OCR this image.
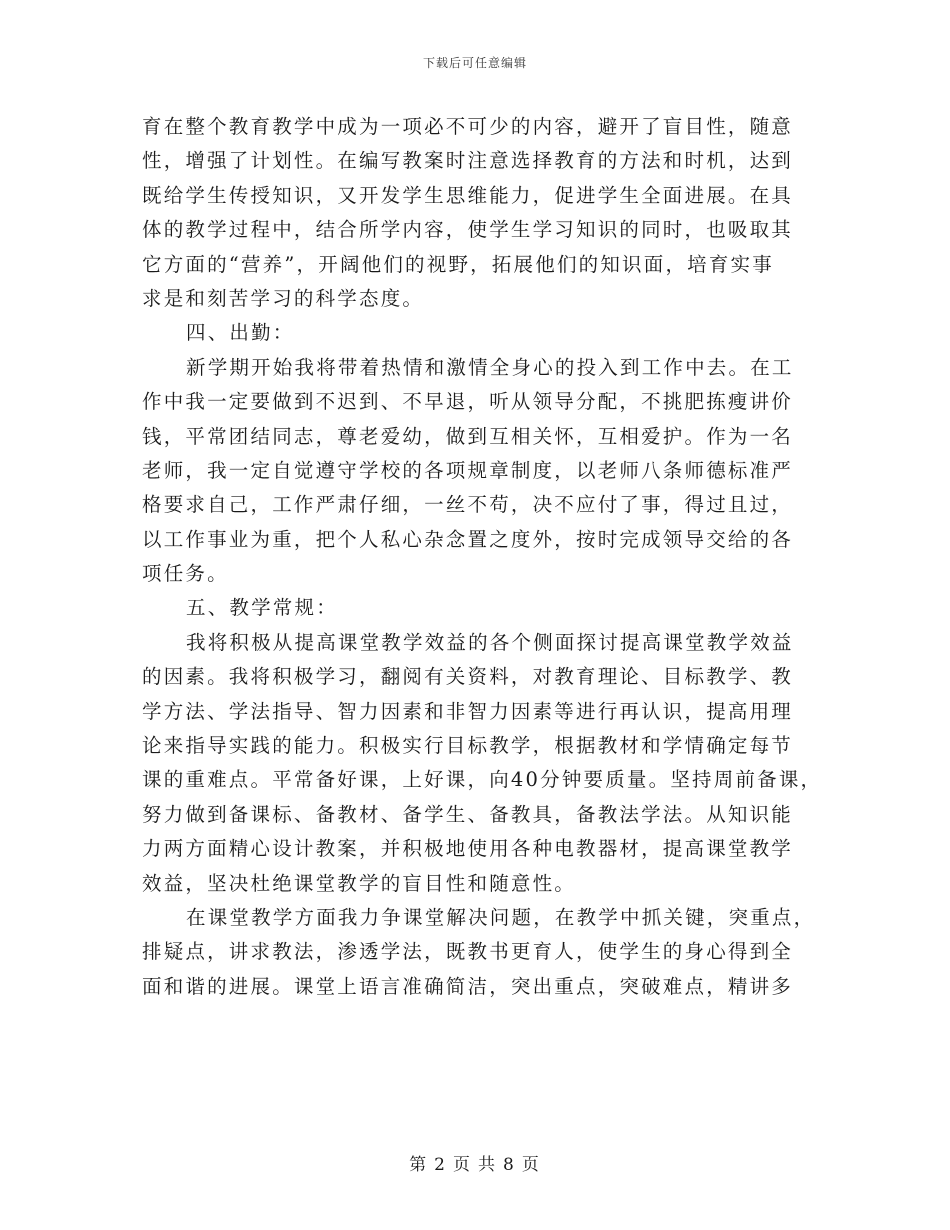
下载后可任意编辑
育在整个教育教学中成为一项必不可少的内容，避开了盲目性，随意
性，增强了计划性。在编写教案时注意选择教育的方法和时机，达到
既给学生传授知识，又开发学生思维能力，促进学生全面进展。在具
体的教学过程中，结合所学内容，使学生学习知识的同时，也吸取其
它方面的“营养”，开阔他们的视野，拓展他们的知识面，培育实事
求是和刻苦学习的科学态度。
四、出勤：
新学期开始我将带着热情和激情全身心的投入到工作中去。在工
作中我一定要做到不迟到、不早退，听从领导分配，不挑肥拣瘦讲价
钱，平常团结同志，尊老爱幼，做到互相关怀，互相爱护。作为一名
老师，我一定自觉遵守学校的各项规章制度，以老师八条师德标准严
格要求自己，工作严肃仔细，一丝不苟，决不应付了事，得过且过，
以工作事业为重，把个人私心杂念置之度外，按时完成领导交给的各
项任务。
五、教学常规：
我将积极从提高课堂教学效益的各个侧面探讨提高课堂教学效益
的因素。我将积极学习，翻阅有关资料，对教育理论、目标教学、教
学方法、学法指导、智力因素和非智力因素等进行再认识，提高用理
论来指导实践的能力。积极实行目标教学，根据教材和学情确定每节
课的重难点。平常备好课，上好课，向40分钟要质量。坚持周前备课，
努力做到备课标、备教材、备学生、备教具，备教法学法。从知识能
力两方面精心设计教案，并积极地使用各种电教器材，提高课堂教学
效益，坚决杜绝课堂教学的盲目性和随意性。
在课堂教学方面我力争课堂解决问题，在教学中抓关键，突重点，
排疑点，讲求教法，渗透学法，既教书更育人，使学生的身心得到全
面和谐的进展。课堂上语言准确简洁，突出重点，突破难点，精讲多
第 2 页 共 8 页
